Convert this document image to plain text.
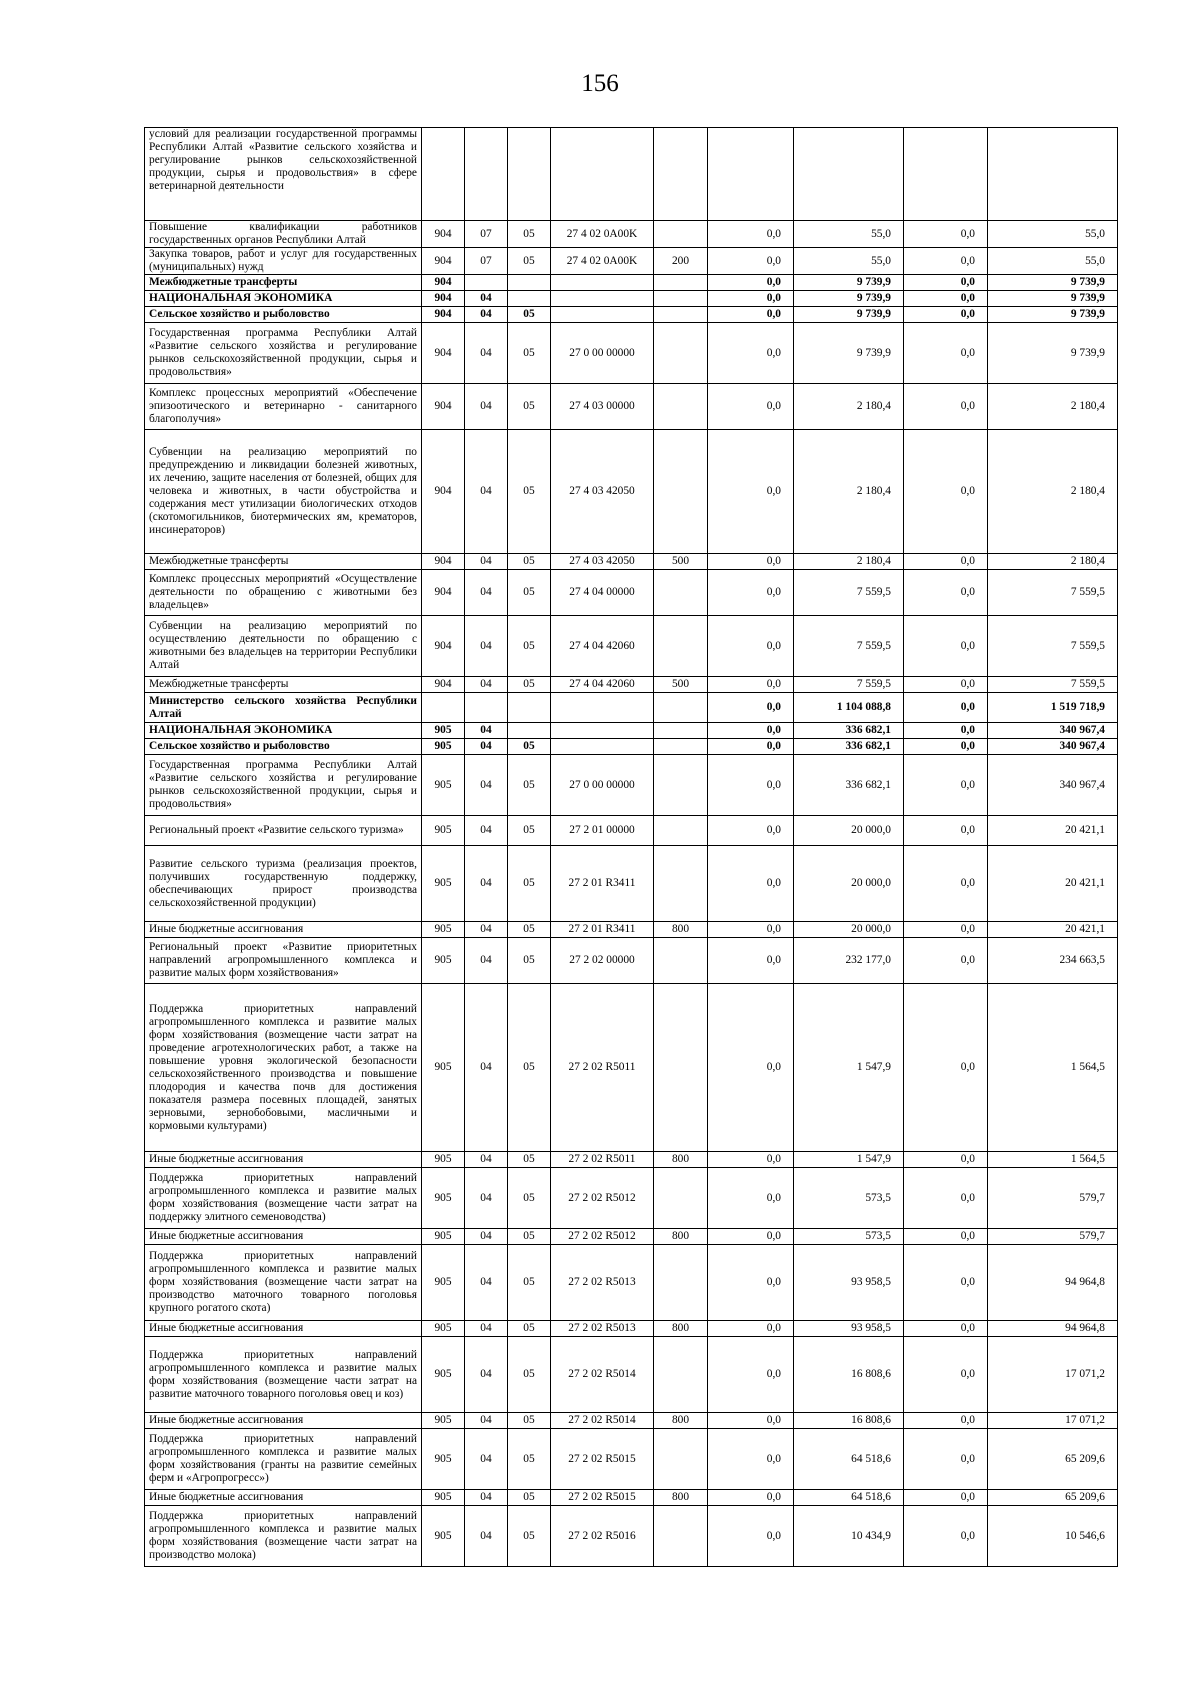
156
условий для реализации государственной программы Республики Алтай «Развитие сельского хозяйства и регулирование рынков сельскохозяйственной продукции, сырья и продовольствия» в сфере ветеринарной деятельности									
Повышение квалификации работников государственных органов Республики Алтай	904	07	05	27 4 02 0A00K		0,0	55,0	0,0	55,0
Закупка товаров, работ и услуг для государственных (муниципальных) нужд	904	07	05	27 4 02 0A00K	200	0,0	55,0	0,0	55,0
Межбюджетные трансферты	904					0,0	9 739,9	0,0	9 739,9
НАЦИОНАЛЬНАЯ ЭКОНОМИКА	904	04				0,0	9 739,9	0,0	9 739,9
Сельское хозяйство и рыболовство	904	04	05			0,0	9 739,9	0,0	9 739,9
Государственная программа Республики Алтай «Развитие сельского хозяйства и регулирование рынков сельскохозяйственной продукции, сырья и продовольствия»	904	04	05	27 0 00 00000		0,0	9 739,9	0,0	9 739,9
Комплекс процессных мероприятий «Обеспечение эпизоотического и ветеринарно - санитарного благополучия»	904	04	05	27 4 03 00000		0,0	2 180,4	0,0	2 180,4
Субвенции на реализацию мероприятий по предупреждению и ликвидации болезней животных, их лечению, защите населения от болезней, общих для человека и животных, в части обустройства и содержания мест утилизации биологических отходов (скотомогильников, биотермических ям, крематоров, инсинераторов)	904	04	05	27 4 03 42050		0,0	2 180,4	0,0	2 180,4
Межбюджетные трансферты	904	04	05	27 4 03 42050	500	0,0	2 180,4	0,0	2 180,4
Комплекс процессных мероприятий «Осуществление деятельности по обращению с животными без владельцев»	904	04	05	27 4 04 00000		0,0	7 559,5	0,0	7 559,5
Субвенции на реализацию мероприятий по осуществлению деятельности по обращению с животными без владельцев на территории Республики Алтай	904	04	05	27 4 04 42060		0,0	7 559,5	0,0	7 559,5
Межбюджетные трансферты	904	04	05	27 4 04 42060	500	0,0	7 559,5	0,0	7 559,5
Министерство сельского хозяйства Республики Алтай						0,0	1 104 088,8	0,0	1 519 718,9
НАЦИОНАЛЬНАЯ ЭКОНОМИКА	905	04				0,0	336 682,1	0,0	340 967,4
Сельское хозяйство и рыболовство	905	04	05			0,0	336 682,1	0,0	340 967,4
Государственная программа Республики Алтай «Развитие сельского хозяйства и регулирование рынков сельскохозяйственной продукции, сырья и продовольствия»	905	04	05	27 0 00 00000		0,0	336 682,1	0,0	340 967,4
Региональный проект «Развитие сельского туризма»	905	04	05	27 2 01 00000		0,0	20 000,0	0,0	20 421,1
Развитие сельского туризма (реализация проектов, получивших государственную поддержку, обеспечивающих прирост производства сельскохозяйственной продукции)	905	04	05	27 2 01 R3411		0,0	20 000,0	0,0	20 421,1
Иные бюджетные ассигнования	905	04	05	27 2 01 R3411	800	0,0	20 000,0	0,0	20 421,1
Региональный проект «Развитие приоритетных направлений агропромышленного комплекса и развитие малых форм хозяйствования»	905	04	05	27 2 02 00000		0,0	232 177,0	0,0	234 663,5
Поддержка приоритетных направлений агропромышленного комплекса и развитие малых форм хозяйствования (возмещение части затрат на проведение агротехнологических работ, а также на повышение уровня экологической безопасности сельскохозяйственного производства и повышение плодородия и качества почв для достижения показателя размера посевных площадей, занятых зерновыми, зернобобовыми, масличными и кормовыми культурами)	905	04	05	27 2 02 R5011		0,0	1 547,9	0,0	1 564,5
Иные бюджетные ассигнования	905	04	05	27 2 02 R5011	800	0,0	1 547,9	0,0	1 564,5
Поддержка приоритетных направлений агропромышленного комплекса и развитие малых форм хозяйствования (возмещение части затрат на поддержку элитного семеноводства)	905	04	05	27 2 02 R5012		0,0	573,5	0,0	579,7
Иные бюджетные ассигнования	905	04	05	27 2 02 R5012	800	0,0	573,5	0,0	579,7
Поддержка приоритетных направлений агропромышленного комплекса и развитие малых форм хозяйствования (возмещение части затрат на производство маточного товарного поголовья крупного рогатого скота)	905	04	05	27 2 02 R5013		0,0	93 958,5	0,0	94 964,8
Иные бюджетные ассигнования	905	04	05	27 2 02 R5013	800	0,0	93 958,5	0,0	94 964,8
Поддержка приоритетных направлений агропромышленного комплекса и развитие малых форм хозяйствования (возмещение части затрат на развитие маточного товарного поголовья овец и коз)	905	04	05	27 2 02 R5014		0,0	16 808,6	0,0	17 071,2
Иные бюджетные ассигнования	905	04	05	27 2 02 R5014	800	0,0	16 808,6	0,0	17 071,2
Поддержка приоритетных направлений агропромышленного комплекса и развитие малых форм хозяйствования (гранты на развитие семейных ферм и «Агропрогресс»)	905	04	05	27 2 02 R5015		0,0	64 518,6	0,0	65 209,6
Иные бюджетные ассигнования	905	04	05	27 2 02 R5015	800	0,0	64 518,6	0,0	65 209,6
Поддержка приоритетных направлений агропромышленного комплекса и развитие малых форм хозяйствования (возмещение части затрат на производство молока)	905	04	05	27 2 02 R5016		0,0	10 434,9	0,0	10 546,6
